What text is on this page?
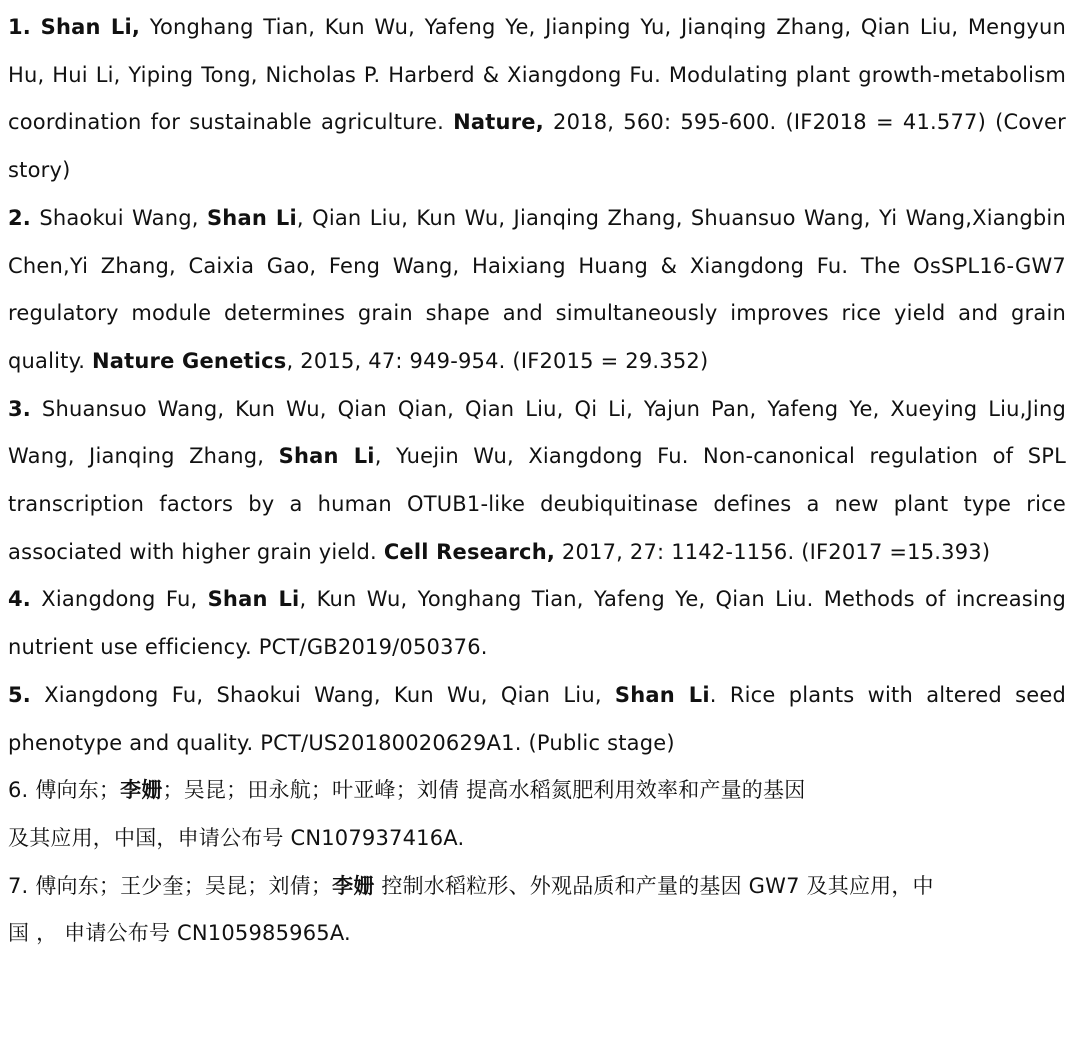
1. Shan Li, Yonghang Tian, Kun Wu, Yafeng Ye, Jianping Yu, Jianqing Zhang, Qian Liu, Mengyun Hu, Hui Li, Yiping Tong, Nicholas P. Harberd & Xiangdong Fu. Modulating plant growth-metabolism coordination for sustainable agriculture. Nature, 2018, 560: 595-600. (IF2018 = 41.577) (Cover story)

2. Shaokui Wang, Shan Li, Qian Liu, Kun Wu, Jianqing Zhang, Shuansuo Wang, Yi Wang,Xiangbin Chen,Yi Zhang, Caixia Gao, Feng Wang, Haixiang Huang & Xiangdong Fu. The OsSPL16-GW7 regulatory module determines grain shape and simultaneously improves rice yield and grain quality. Nature Genetics, 2015, 47: 949-954. (IF2015 = 29.352)

3. Shuansuo Wang, Kun Wu, Qian Qian, Qian Liu, Qi Li, Yajun Pan, Yafeng Ye, Xueying Liu,Jing Wang, Jianqing Zhang, Shan Li, Yuejin Wu, Xiangdong Fu. Non-canonical regulation of SPL transcription factors by a human OTUB1-like deubiquitinase defines a new plant type rice associated with higher grain yield. Cell Research, 2017, 27: 1142-1156. (IF2017 =15.393)

4. Xiangdong Fu, Shan Li, Kun Wu, Yonghang Tian, Yafeng Ye, Qian Liu. Methods of increasing nutrient use efficiency. PCT/GB2019/050376.

5. Xiangdong Fu, Shaokui Wang, Kun Wu, Qian Liu, Shan Li. Rice plants with altered seed phenotype and quality. PCT/US20180020629A1. (Public stage)

6. 傅向东；李姗；吴昆；田永航；叶亚峰；刘倩 提高水稻氮肥利用效率和产量的基因
及其应用，中国，申请公布号 CN107937416A.

7. 傅向东；王少奎；吴昆；刘倩；李姗 控制水稻粒形、外观品质和产量的基因 GW7 及其应用，中
国 ， 申请公布号 CN105985965A.
